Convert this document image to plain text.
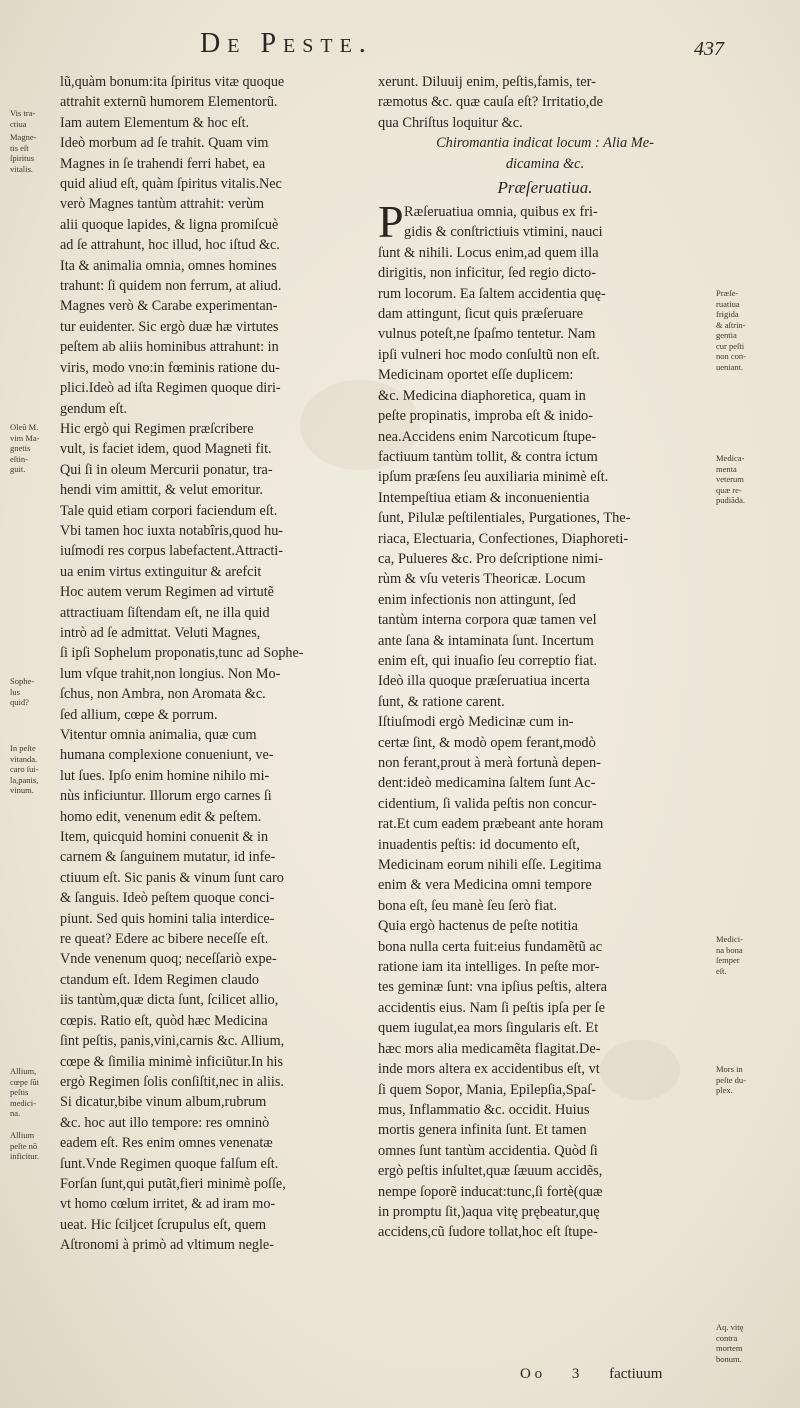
De Peste.	437
lũ,quàm bonum:ita ſpiritus vitæ quoque
attrahit externũ humorem Elementorũ.
Iam autem Elementum & hoc eſt.
Ideò morbum ad ſe trahit. Quam vim
Magnes in ſe trahendi ferri habet, ea
quid aliud eſt, quàm ſpiritus vitalis.Nec
verò Magnes tantùm attrahit: verùm
alii quoque lapides, & ligna promiſcuè
ad ſe attrahunt, hoc illud, hoc iſtud &c.
Ita & animalia omnia, omnes homines
trahunt: ſi quidem non ferrum, at aliud.
Magnes verò & Carabe experimentan-
tur euidenter. Sic ergò duæ hæ virtutes
peſtem ab aliis hominibus attrahunt: in
viris, modo vno:in fœminis ratione du-
plici.Ideò ad iſta Regimen quoque diri-
gendum eſt.
Hic ergò qui Regimen præſcribere
vult, is faciet idem, quod Magneti fit.
Qui ſi in oleum Mercurii ponatur, tra-
hendi vim amittit, & velut emoritur.
Tale quid etiam corpori faciendum eſt.
Vbi tamen hoc iuxta notabîris,quod hu-
iuſmodi res corpus labefactent.Attracti-
ua enim virtus extinguitur & arefcit
Hoc autem verum Regimen ad virtutẽ
attractiuam ſiſtendam eſt, ne illa quid
intrò ad ſe admittat. Veluti Magnes,
ſi ipſi Sophelum proponatis,tunc ad Sophe-
lum vſque trahit,non longius. Non Mo-
ſchus, non Ambra, non Aromata &c.
ſed allium, cœpe & porrum.
Vitentur omnia animalia, quæ cum
humana complexione conueniunt, ve-
lut ſues. Ipſo enim homine nihilo mi-
nùs inficiuntur. Illorum ergo carnes ſi
homo edit, venenum edit & peſtem.
Item, quicquid homini conuenit & in
carnem & ſanguinem mutatur, id infe-
ctiuum eſt. Sic panis & vinum ſunt caro
& ſanguis. Ideò peſtem quoque conci-
piunt. Sed quis homini talia interdice-
re queat? Edere ac bibere neceſſe eſt.
Vnde venenum quoq; neceſſariò expe-
ctandum eſt. Idem Regimen claudo
iis tantùm,quæ dicta ſunt, ſcilicet allio,
cœpis. Ratio eſt, quòd hæc Medicina
ſint peſtis, panis,vini,carnis &c. Allium,
cœpe & ſimilia minimè inficiũtur.In his
ergò Regimen ſolis conſiſtit,nec in aliis.
Si dicatur,bibe vinum album,rubrum
&c. hoc aut illo tempore: res omninò
eadem eſt. Res enim omnes venenatæ
ſunt.Vnde Regimen quoque falſum eſt.
Forſan ſunt,qui putãt,fieri minimè poſſe,
vt homo cœlum irritet, & ad iram mo-
ueat. Hic ſciljcet ſcrupulus eſt, quem
Aſtronomi à primò ad vltimum negle-
xerunt. Diluuij enim, peſtis,famis, ter-
ræmotus &c. quæ cauſa eſt? Irritatio,de
qua Chriſtus loquitur &c.
Chiromantia indicat locum : Alia Me-
dicamina &c.
Præſeruatiua.
P Ræſeruatiua omnia, quibus ex fri-
gidis & conſtrictiuis vtimini, nauci
ſunt & nihili. Locus enim,ad quem illa
dirigitis, non inficitur, ſed regio dicto-
rum locorum. Ea ſaltem accidentia quę-
dam attingunt, ſicut quis præſeruare
vulnus poteſt,ne ſpaſmo tentetur. Nam
ipſi vulneri hoc modo conſultũ non eſt.
Medicinam oportet eſſe duplicem:
&c. Medicina diaphoretica, quam in
peſte propinatis, improba eſt & inido-
nea.Accidens enim Narcoticum ſtupe-
factiuum tantùm tollit, & contra ictum
ipſum præſens ſeu auxiliaria minimè eſt.
Intempeſtiua etiam & inconuenientia
ſunt, Pilulæ peſtilentiales, Purgationes, The-
riaca, Electuaria, Confectiones, Diaphoreti-
ca, Pulueres &c. Pro deſcriptione nimi-
rùm & vſu veteris Theoricæ. Locum
enim infectionis non attingunt, ſed
tantùm interna corpora quæ tamen vel
ante ſana & intaminata ſunt. Incertum
enim eſt, qui inuaſio ſeu correptio fiat.
Ideò illa quoque præſeruatiua incerta
ſunt, & ratione carent.
Iſtiuſmodi ergò Medicinæ cum in-
certæ ſint, & modò opem ferant,modò
non ferant,prout à merà fortunà depen-
dent:ideò medicamina ſaltem ſunt Ac-
cidentium, ſi valida peſtis non concur-
rat.Et cum eadem præbeant ante horam
inuadentis peſtis: id documento eſt,
Medicinam eorum nihili eſſe. Legitima
enim & vera Medicina omni tempore
bona eſt, ſeu manè ſeu ſerò fiat.
Quia ergò hactenus de peſte notitia
bona nulla certa fuit:eius fundamẽtũ ac
ratione iam ita intelliges. In peſte mor-
tes geminæ ſunt: vna ipſius peſtis, altera
accidentis eius. Nam ſi peſtis ipſa per ſe
quem iugulat,ea mors ſingularis eſt. Et
hæc mors alia medicamẽta flagitat.De-
inde mors altera ex accidentibus eſt, vt
ſi quem Sopor, Mania, Epilepſia,Spaſ-
mus, Inflammatio &c. occidit. Huius
mortis genera infinita ſunt. Et tamen
omnes ſunt tantùm accidentia. Quòd ſi
ergò peſtis inſultet,quæ ſæuum accidẽs,
nempe ſoporẽ inducat:tunc,ſi fortè(quæ
in promptu ſit,)aqua vitę prębeatur,quę
accidens,cũ ſudore tollat,hoc eſt ſtupe-
Vis tra-
ctiua
Magne-
tis eſt
ſpiritus
vitalis.
Oleũ M.
vim Ma-
gnetis
eſtin-
guit.
Sophe-
lus
quid?
In peſte
vitanda.
caro ſui-
la,panis,
vinum.
Allium,
cœpe ſũt
peſtis
medici-
na.
Allium
peſte nõ
inficitur.
Præſe-
ruatiua
frigida
& aſtrin-
gentia
cur peſti
non con-
ueniant.
Medica-
menta
veterum
quæ re-
pudiãda.
Medici-
na bona
ſemper
eſt.
Mors in
peſte du-
plex.
Aq. vitę
contra
mortem
bonum.
O o 3 factiuum
